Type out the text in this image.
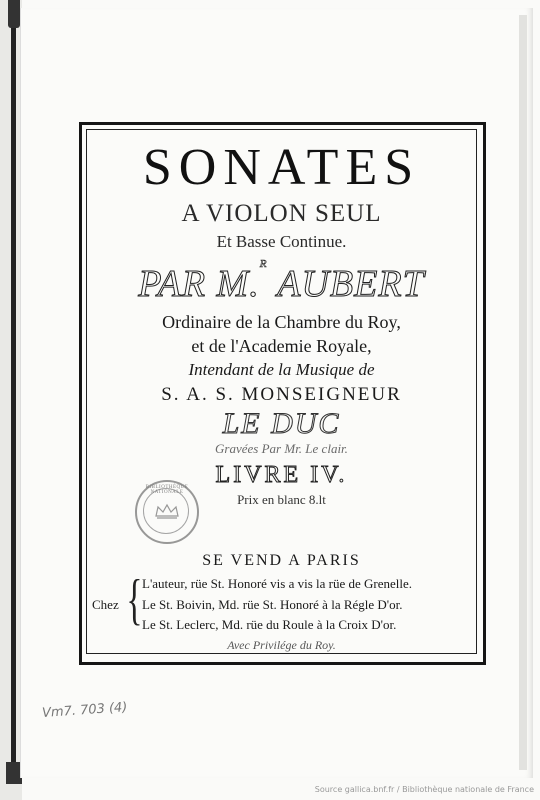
SONATES
A VIOLON SEUL
Et Basse Continue.
PAR M.$^R$ AUBERT
Ordinaire de la Chambre du Roy,
et de l'Academie Royale,
Intendant de la Musique de
S. A. S. MONSEIGNEUR
LE DUC
Gravées Par Mr. Le clair.
LIVRE IV.
Prix en blanc 8.lt
BIBLIOTHÈQUE NATIONALE
SE VEND A PARIS
Chez { L'auteur, rüe St. Honoré vis a vis la rüe de Grenelle.
Le St. Boivin, Md. rüe St. Honoré à la Régle D'or.
Le St. Leclerc, Md. rüe du Roule à la Croix D'or.
Avec Privilége du Roy.
Vm7. 703 (4)
Source gallica.bnf.fr / Bibliothèque nationale de France
